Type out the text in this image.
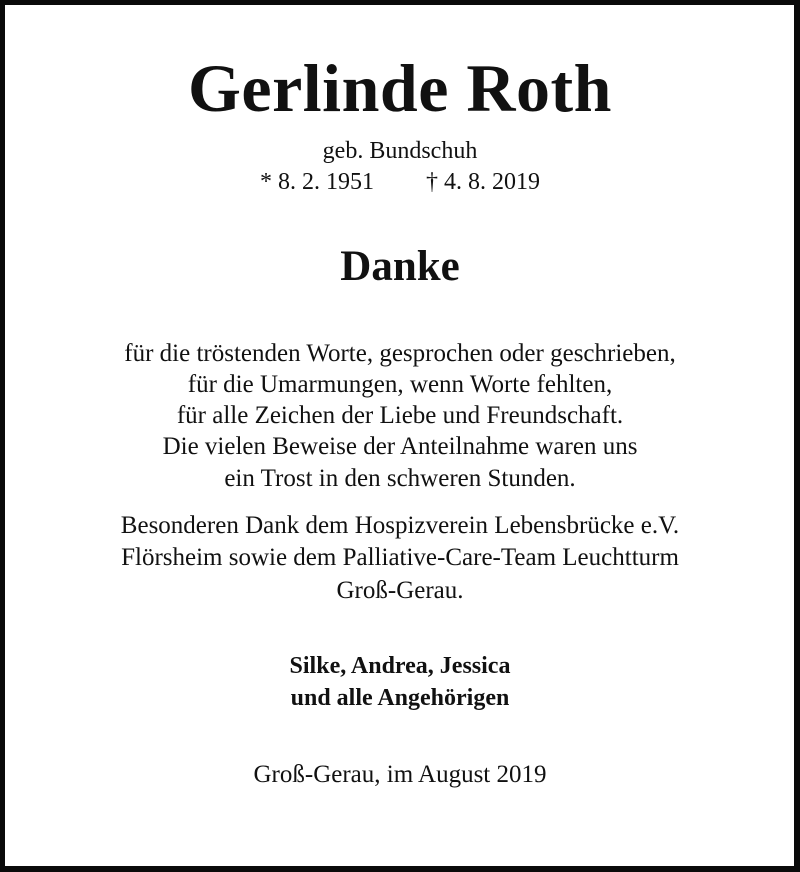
Gerlinde Roth
geb. Bundschuh
* 8. 2. 1951 † 4. 8. 2019
Danke
für die tröstenden Worte, gesprochen oder geschrieben,
für die Umarmungen, wenn Worte fehlten,
für alle Zeichen der Liebe und Freundschaft.
Die vielen Beweise der Anteilnahme waren uns
ein Trost in den schweren Stunden.
Besonderen Dank dem Hospizverein Lebensbrücke e.V.
Flörsheim sowie dem Palliative-Care-Team Leuchtturm
Groß-Gerau.
Silke, Andrea, Jessica
und alle Angehörigen
Groß-Gerau, im August 2019
